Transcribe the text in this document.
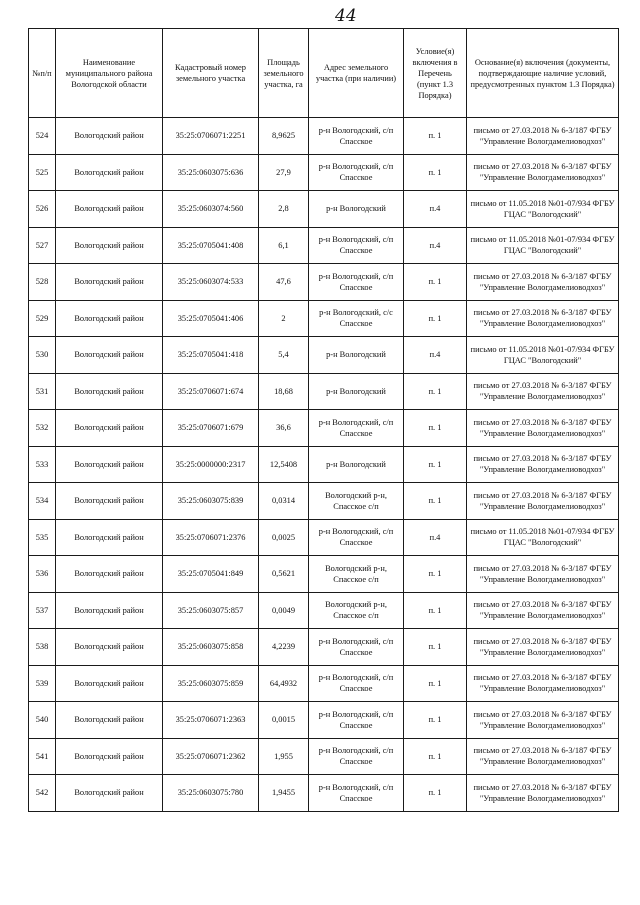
44
№п/п	Наименование муниципального района Вологодской области	Кадастровый номер земельного участка	Площадь земельного участка, га	Адрес земельного участка (при наличии)	Условие(я) включения в Перечень (пункт 1.3 Порядка)	Основание(я) включения (документы, подтверждающие наличие условий, предусмотренных пунктом 1.3 Порядка)
524	Вологодский район	35:25:0706071:2251	8,9625	р-н Вологодский, с/п Спасское	п. 1	письмо от 27.03.2018 № 6-3/187 ФГБУ "Управление Вологдамелиоводхоз"
525	Вологодский район	35:25:0603075:636	27,9	р-н Вологодский, с/п Спасское	п. 1	письмо от 27.03.2018 № 6-3/187 ФГБУ "Управление Вологдамелиоводхоз"
526	Вологодский район	35:25:0603074:560	2,8	р-н Вологодский	п.4	письмо от 11.05.2018 №01-07/934 ФГБУ ГЦАС "Вологодский"
527	Вологодский район	35:25:0705041:408	6,1	р-н Вологодский, с/п Спасское	п.4	письмо от 11.05.2018 №01-07/934 ФГБУ ГЦАС "Вологодский"
528	Вологодский район	35:25:0603074:533	47,6	р-н Вологодский, с/п Спасское	п. 1	письмо от 27.03.2018 № 6-3/187 ФГБУ "Управление Вологдамелиоводхоз"
529	Вологодский район	35:25:0705041:406	2	р-н Вологодский, с/с Спасское	п. 1	письмо от 27.03.2018 № 6-3/187 ФГБУ "Управление Вологдамелиоводхоз"
530	Вологодский район	35:25:0705041:418	5,4	р-н Вологодский	п.4	письмо от 11.05.2018 №01-07/934 ФГБУ ГЦАС "Вологодский"
531	Вологодский район	35:25:0706071:674	18,68	р-н Вологодский	п. 1	письмо от 27.03.2018 № 6-3/187 ФГБУ "Управление Вологдамелиоводхоз"
532	Вологодский район	35:25:0706071:679	36,6	р-н Вологодский, с/п Спасское	п. 1	письмо от 27.03.2018 № 6-3/187 ФГБУ "Управление Вологдамелиоводхоз"
533	Вологодский район	35:25:0000000:2317	12,5408	р-н Вологодский	п. 1	письмо от 27.03.2018 № 6-3/187 ФГБУ "Управление Вологдамелиоводхоз"
534	Вологодский район	35:25:0603075:839	0,0314	Вологодский р-н, Спасское с/п	п. 1	письмо от 27.03.2018 № 6-3/187 ФГБУ "Управление Вологдамелиоводхоз"
535	Вологодский район	35:25:0706071:2376	0,0025	р-н Вологодский, с/п Спасское	п.4	письмо от 11.05.2018 №01-07/934 ФГБУ ГЦАС "Вологодский"
536	Вологодский район	35:25:0705041:849	0,5621	Вологодский р-н, Спасское с/п	п. 1	письмо от 27.03.2018 № 6-3/187 ФГБУ "Управление Вологдамелиоводхоз"
537	Вологодский район	35:25:0603075:857	0,0049	Вологодский р-н, Спасское с/п	п. 1	письмо от 27.03.2018 № 6-3/187 ФГБУ "Управление Вологдамелиоводхоз"
538	Вологодский район	35:25:0603075:858	4,2239	р-н Вологодский, с/п Спасское	п. 1	письмо от 27.03.2018 № 6-3/187 ФГБУ "Управление Вологдамелиоводхоз"
539	Вологодский район	35:25:0603075:859	64,4932	р-н Вологодский, с/п Спасское	п. 1	письмо от 27.03.2018 № 6-3/187 ФГБУ "Управление Вологдамелиоводхоз"
540	Вологодский район	35:25:0706071:2363	0,0015	р-н Вологодский, с/п Спасское	п. 1	письмо от 27.03.2018 № 6-3/187 ФГБУ "Управление Вологдамелиоводхоз"
541	Вологодский район	35:25:0706071:2362	1,955	р-н Вологодский, с/п Спасское	п. 1	письмо от 27.03.2018 № 6-3/187 ФГБУ "Управление Вологдамелиоводхоз"
542	Вологодский район	35:25:0603075:780	1,9455	р-н Вологодский, с/п Спасское	п. 1	письмо от 27.03.2018 № 6-3/187 ФГБУ "Управление Вологдамелиоводхоз"
